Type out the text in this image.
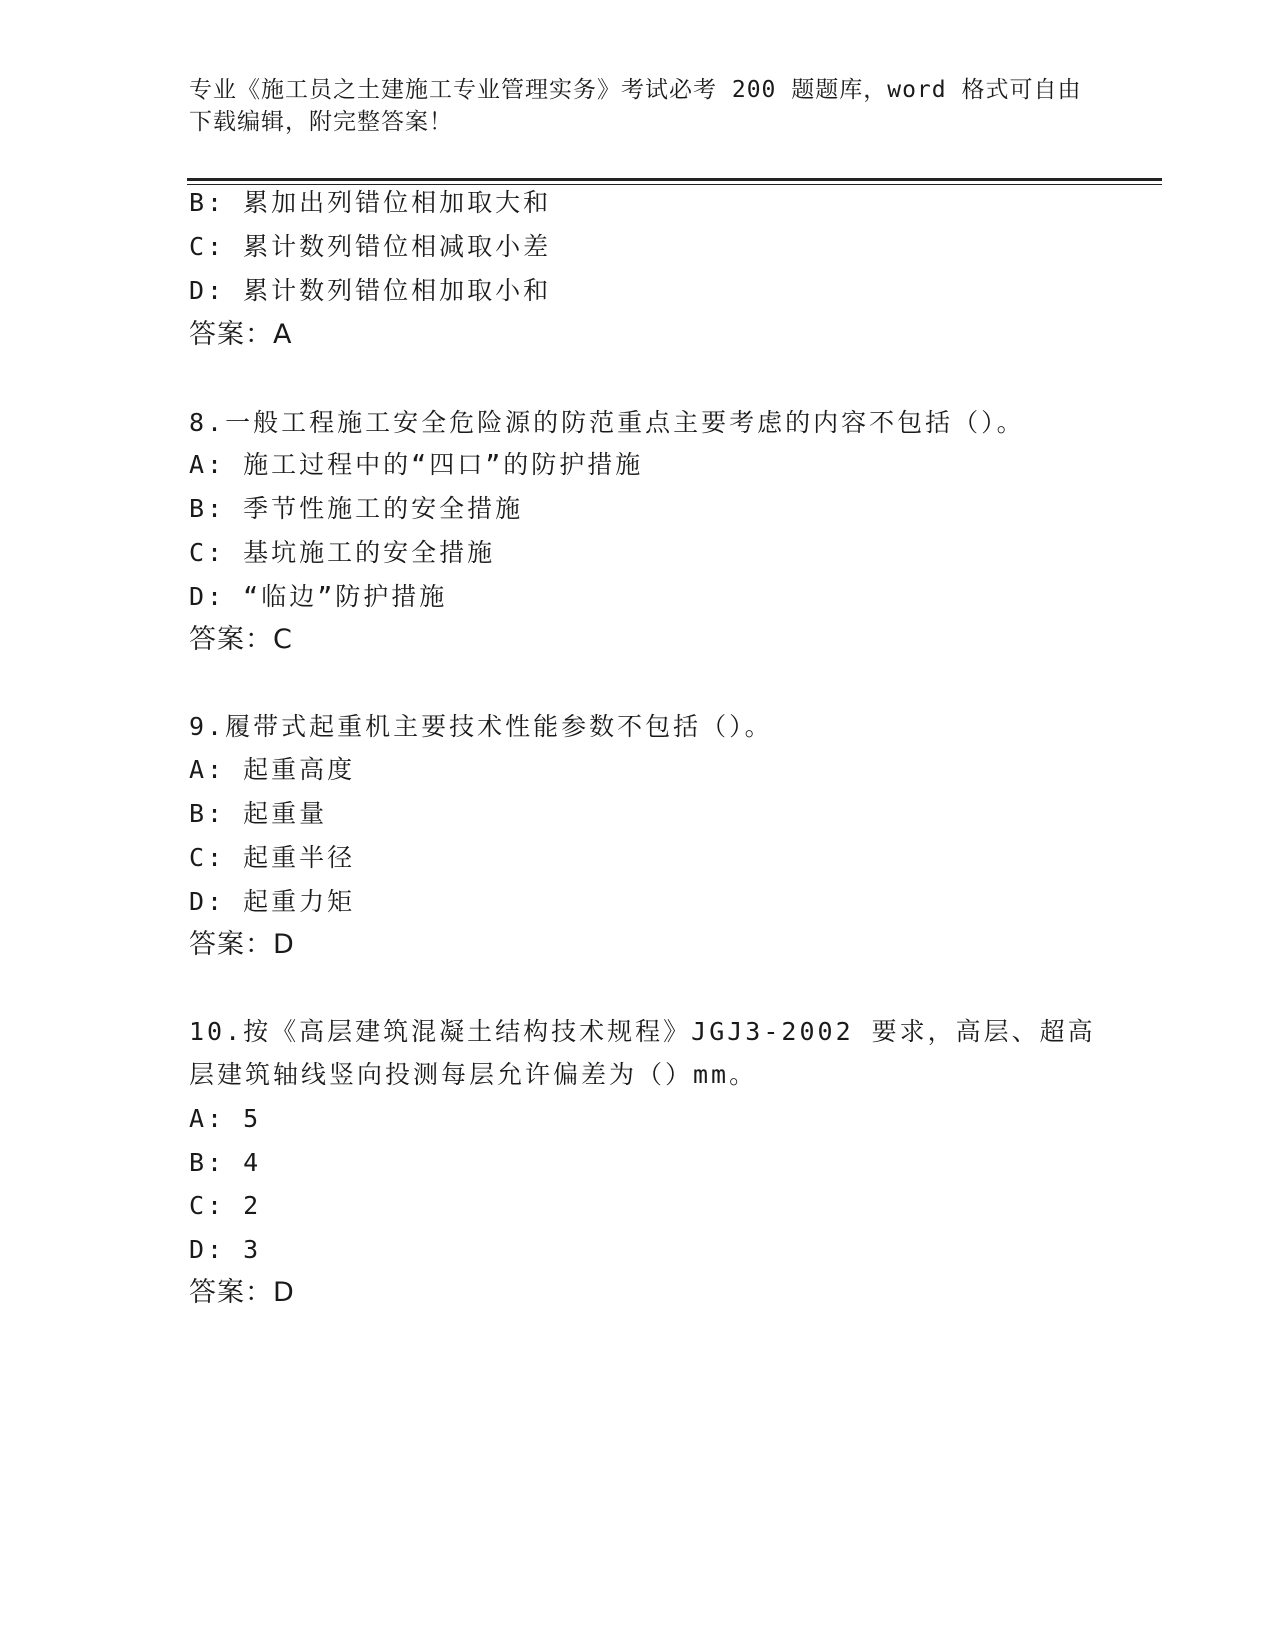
专业《施工员之土建施工专业管理实务》考试必考 200 题题库，word 格式可自由
下载编辑，附完整答案！
B: 累加出列错位相加取大和
C: 累计数列错位相减取小差
D: 累计数列错位相加取小和
答案：A
8.一般工程施工安全危险源的防范重点主要考虑的内容不包括（）。
A: 施工过程中的“四口”的防护措施
B: 季节性施工的安全措施
C: 基坑施工的安全措施
D: “临边”防护措施
答案：C
9.履带式起重机主要技术性能参数不包括（）。
A: 起重高度
B: 起重量
C: 起重半径
D: 起重力矩
答案：D
10.按《高层建筑混凝土结构技术规程》JGJ3-2002 要求，高层、超高
层建筑轴线竖向投测每层允许偏差为（）mm。
A: 5
B: 4
C: 2
D: 3
答案：D
